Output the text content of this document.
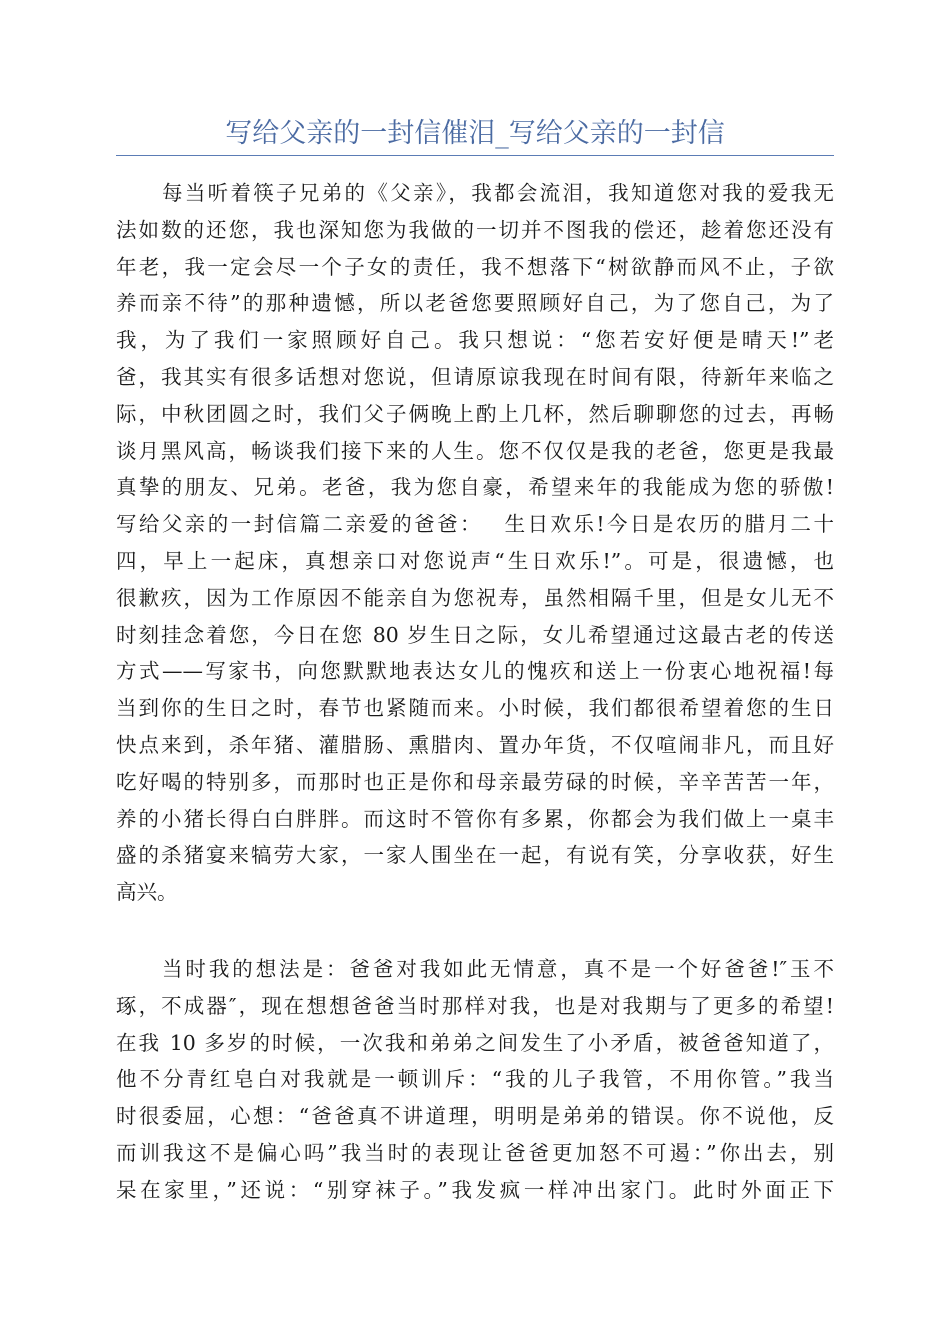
写给父亲的一封信催泪_写给父亲的一封信
每当听着筷子兄弟的《父亲》，我都会流泪，我知道您对我的爱我无
法如数的还您，我也深知您为我做的一切并不图我的偿还，趁着您还没有
年老，我一定会尽一个子女的责任，我不想落下“树欲静而风不止，子欲
养而亲不待”的那种遗憾，所以老爸您要照顾好自己，为了您自己，为了
我，为了我们一家照顾好自己。我只想说：“您若安好便是晴天!”老
爸，我其实有很多话想对您说，但请原谅我现在时间有限，待新年来临之
际，中秋团圆之时，我们父子俩晚上酌上几杯，然后聊聊您的过去，再畅
谈月黑风高，畅谈我们接下来的人生。您不仅仅是我的老爸，您更是我最
真挚的朋友、兄弟。老爸，我为您自豪，希望来年的我能成为您的骄傲!
写给父亲的一封信篇二亲爱的爸爸：　 生日欢乐!今日是农历的腊月二十
四，早上一起床，真想亲口对您说声“生日欢乐!”。可是，很遗憾，也
很歉疚，因为工作原因不能亲自为您祝寿，虽然相隔千里，但是女儿无不
时刻挂念着您，今日在您 80 岁生日之际，女儿希望通过这最古老的传送
方式——写家书，向您默默地表达女儿的愧疚和送上一份衷心地祝福!每
当到你的生日之时，春节也紧随而来。小时候，我们都很希望着您的生日
快点来到，杀年猪、灌腊肠、熏腊肉、置办年货，不仅喧闹非凡，而且好
吃好喝的特别多，而那时也正是你和母亲最劳碌的时候，辛辛苦苦一年，
养的小猪长得白白胖胖。而这时不管你有多累，你都会为我们做上一桌丰
盛的杀猪宴来犒劳大家，一家人围坐在一起，有说有笑，分享收获，好生
高兴。
当时我的想法是：爸爸对我如此无情意，真不是一个好爸爸!″玉不
琢，不成器″，现在想想爸爸当时那样对我，也是对我期与了更多的希望!
在我 10 多岁的时候，一次我和弟弟之间发生了小矛盾，被爸爸知道了，
他不分青红皂白对我就是一顿训斥：“我的儿子我管，不用你管。”我当
时很委屈，心想：“爸爸真不讲道理，明明是弟弟的错误。你不说他，反
而训我这不是偏心吗”我当时的表现让爸爸更加怒不可遏：”你出去，别
呆在家里，”还说：“别穿袜子。”我发疯一样冲出家门。此时外面正下
